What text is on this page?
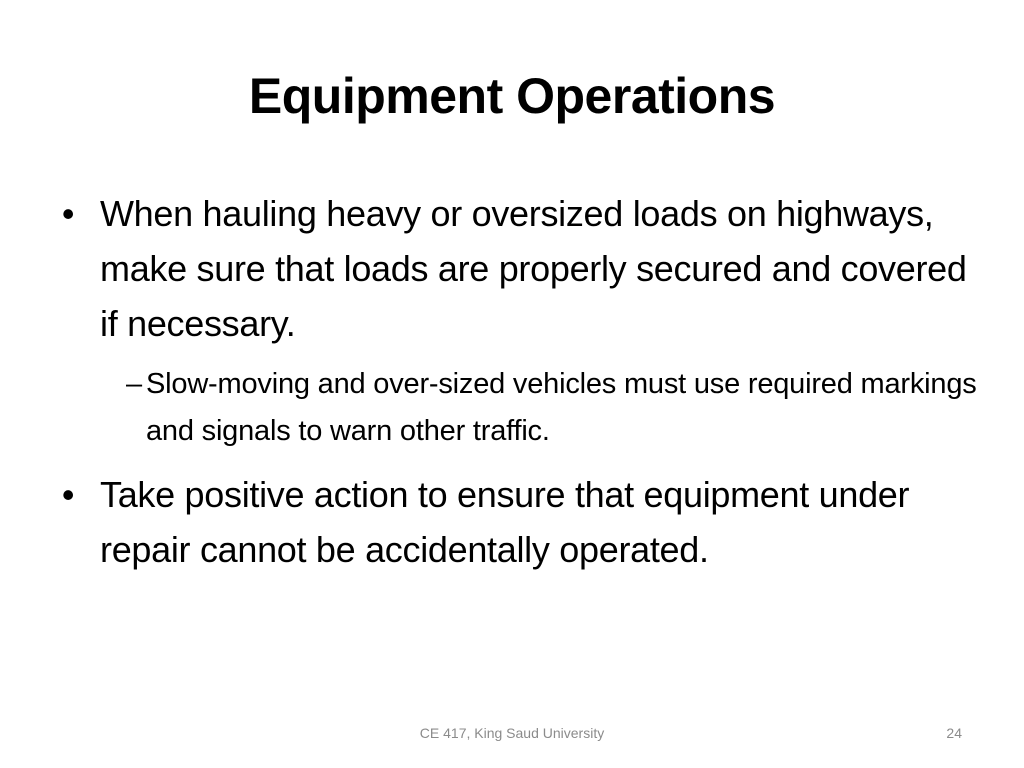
Equipment Operations
• When hauling heavy or oversized loads on highways, make sure that loads are properly secured and covered if necessary.
– Slow-moving and over-sized vehicles must use required markings and signals to warn other traffic.
• Take positive action to ensure that equipment under repair cannot be accidentally operated.
CE 417, King Saud University	24
